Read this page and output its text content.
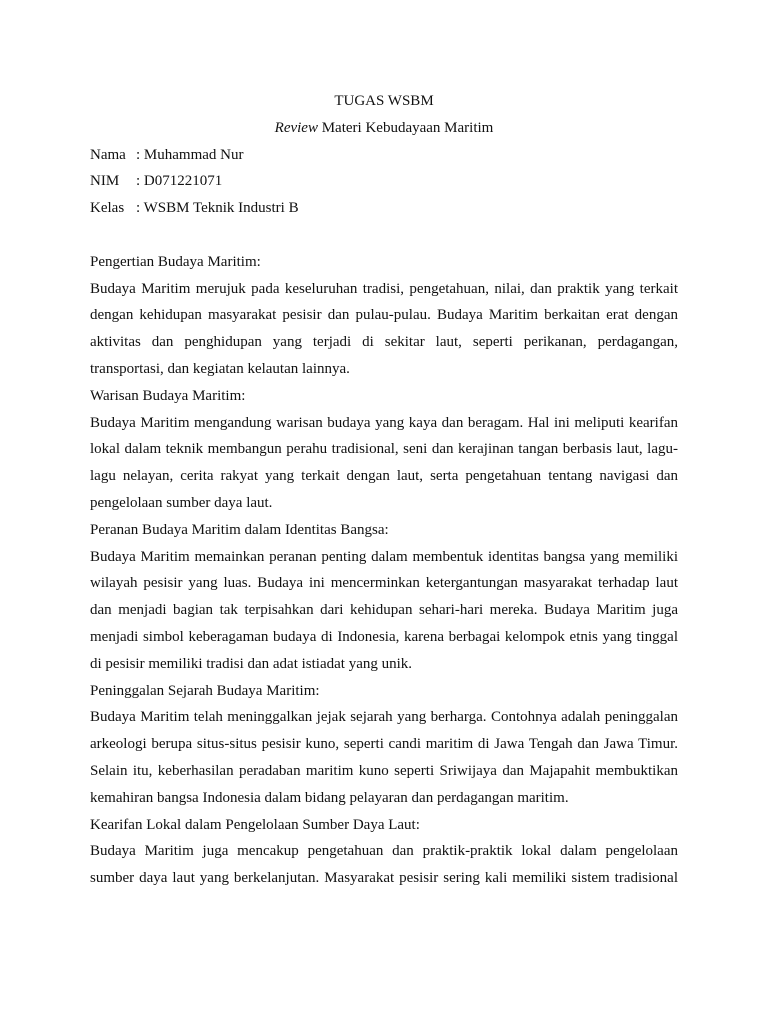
TUGAS WSBM
Review Materi Kebudayaan Maritim
Nama : Muhammad Nur
NIM	: D071221071
Kelas : WSBM Teknik Industri B

Pengertian Budaya Maritim:

Budaya Maritim merujuk pada keseluruhan tradisi, pengetahuan, nilai, dan praktik yang terkait dengan kehidupan masyarakat pesisir dan pulau-pulau. Budaya Maritim berkaitan erat dengan aktivitas dan penghidupan yang terjadi di sekitar laut, seperti perikanan, perdagangan, transportasi, dan kegiatan kelautan lainnya.

Warisan Budaya Maritim:

Budaya Maritim mengandung warisan budaya yang kaya dan beragam. Hal ini meliputi kearifan lokal dalam teknik membangun perahu tradisional, seni dan kerajinan tangan berbasis laut, lagu-lagu nelayan, cerita rakyat yang terkait dengan laut, serta pengetahuan tentang navigasi dan pengelolaan sumber daya laut.

Peranan Budaya Maritim dalam Identitas Bangsa:

Budaya Maritim memainkan peranan penting dalam membentuk identitas bangsa yang memiliki wilayah pesisir yang luas. Budaya ini mencerminkan ketergantungan masyarakat terhadap laut dan menjadi bagian tak terpisahkan dari kehidupan sehari-hari mereka. Budaya Maritim juga menjadi simbol keberagaman budaya di Indonesia, karena berbagai kelompok etnis yang tinggal di pesisir memiliki tradisi dan adat istiadat yang unik.

Peninggalan Sejarah Budaya Maritim:

Budaya Maritim telah meninggalkan jejak sejarah yang berharga. Contohnya adalah peninggalan arkeologi berupa situs-situs pesisir kuno, seperti candi maritim di Jawa Tengah dan Jawa Timur. Selain itu, keberhasilan peradaban maritim kuno seperti Sriwijaya dan Majapahit membuktikan kemahiran bangsa Indonesia dalam bidang pelayaran dan perdagangan maritim.

Kearifan Lokal dalam Pengelolaan Sumber Daya Laut:

Budaya Maritim juga mencakup pengetahuan dan praktik-praktik lokal dalam pengelolaan sumber daya laut yang berkelanjutan. Masyarakat pesisir sering kali memiliki sistem tradisional
